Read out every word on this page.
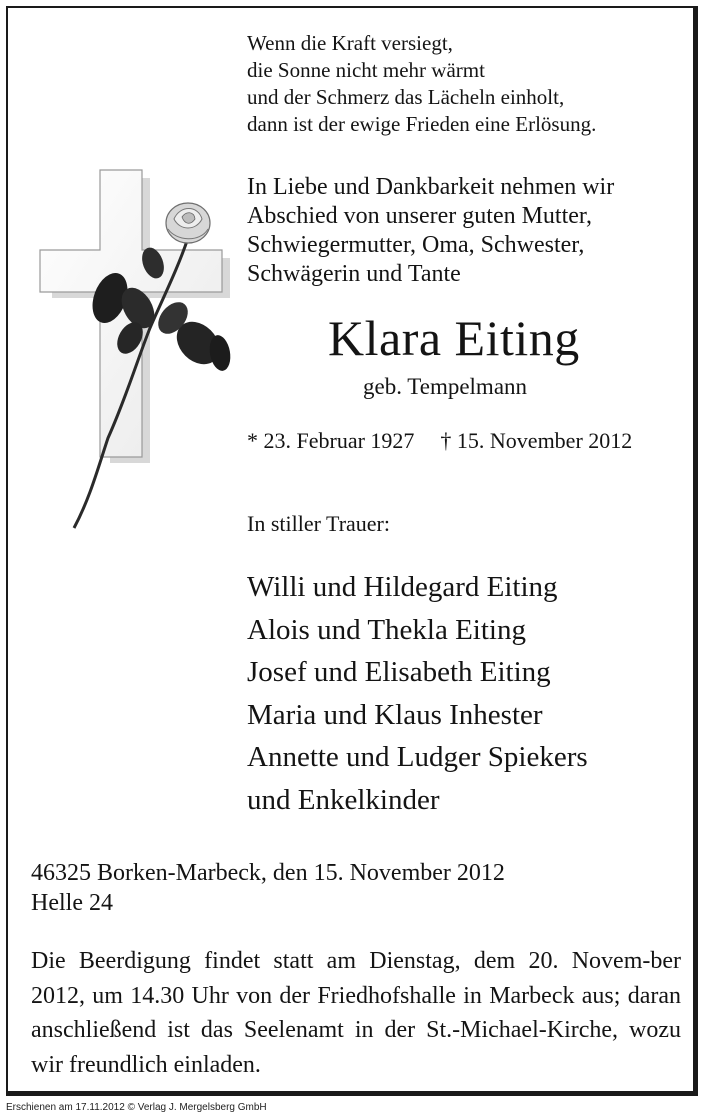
Wenn die Kraft versiegt,
die Sonne nicht mehr wärmt
und der Schmerz das Lächeln einholt,
dann ist der ewige Frieden eine Erlösung.
In Liebe und Dankbarkeit nehmen wir
Abschied von unserer guten Mutter,
Schwiegermutter, Oma, Schwester,
Schwägerin und Tante
Klara Eiting
geb. Tempelmann
* 23. Februar 1927 † 15. November 2012
In stiller Trauer:
Willi und Hildegard Eiting
Alois und Thekla Eiting
Josef und Elisabeth Eiting
Maria und Klaus Inhester
Annette und Ludger Spiekers
und Enkelkinder
46325 Borken-Marbeck, den 15. November 2012
Helle 24
Die Beerdigung findet statt am Dienstag, dem 20. Novem-ber 2012, um 14.30 Uhr von der Friedhofshalle in Marbeck aus; daran anschließend ist das Seelenamt in der St.-Michael-Kirche, wozu wir freundlich einladen.
Erschienen am 17.11.2012 © Verlag J. Mergelsberg GmbH
